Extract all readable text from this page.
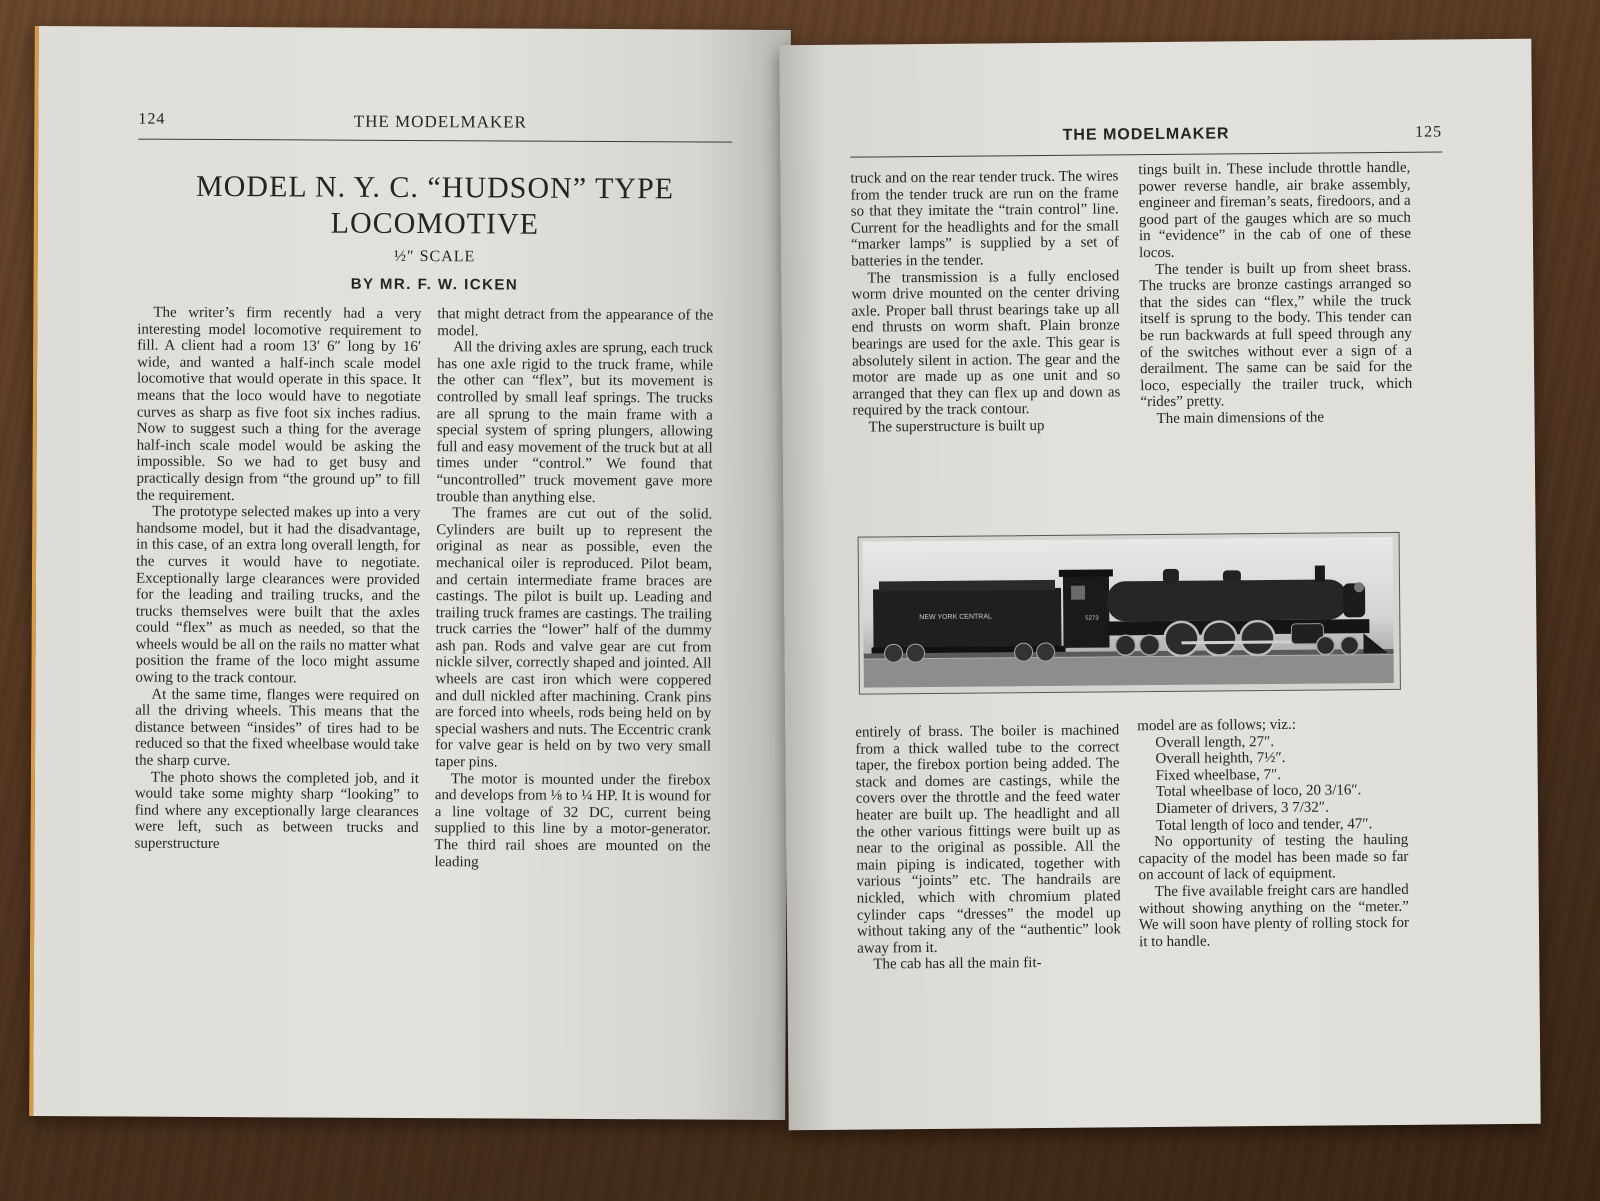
124	THE MODELMAKER
MODEL N. Y. C. “HUDSON” TYPE
LOCOMOTIVE
½″ SCALE
BY MR. F. W. ICKEN

The writer’s firm recently had a very interesting model locomotive requirement to fill. A client had a room 13′ 6″ long by 16′ wide, and wanted a half-inch scale model locomotive that would operate in this space. It means that the loco would have to negotiate curves as sharp as five foot six inches radius. Now to suggest such a thing for the average half-inch scale model would be asking the impossible. So we had to get busy and practically design from “the ground up” to fill the requirement.

The prototype selected makes up into a very handsome model, but it had the disadvantage, in this case, of an extra long overall length, for the curves it would have to negotiate. Exceptionally large clearances were provided for the leading and trailing trucks, and the trucks themselves were built that the axles could “flex” as much as needed, so that the wheels would be all on the rails no matter what position the frame of the loco might assume owing to the track contour.

At the same time, flanges were required on all the driving wheels. This means that the distance between “insides” of tires had to be reduced so that the fixed wheelbase would take the sharp curve.

The photo shows the completed job, and it would take some mighty sharp “looking” to find where any exceptionally large clearances were left, such as between trucks and superstructure

that might detract from the appearance of the model.

All the driving axles are sprung, each truck has one axle rigid to the truck frame, while the other can “flex”, but its movement is controlled by small leaf springs. The trucks are all sprung to the main frame with a special system of spring plungers, allowing full and easy movement of the truck but at all times under “control.” We found that “uncontrolled” truck movement gave more trouble than anything else.

The frames are cut out of the solid. Cylinders are built up to represent the original as near as possible, even the mechanical oiler is reproduced. Pilot beam, and certain intermediate frame braces are castings. The pilot is built up. Leading and trailing truck frames are castings. The trailing truck carries the “lower” half of the dummy ash pan. Rods and valve gear are cut from nickle silver, correctly shaped and jointed. All wheels are cast iron which were coppered and dull nickled after machining. Crank pins are forced into wheels, rods being held on by special washers and nuts. The Eccentric crank for valve gear is held on by two very small taper pins.

The motor is mounted under the firebox and develops from ⅛ to ¼ HP. It is wound for a line voltage of 32 DC, current being supplied to this line by a motor-generator. The third rail shoes are mounted on the leading

THE MODELMAKER	125

truck and on the rear tender truck. The wires from the tender truck are run on the frame so that they imitate the “train control” line. Current for the headlights and for the small “marker lamps” is supplied by a set of batteries in the tender.

The transmission is a fully enclosed worm drive mounted on the center driving axle. Proper ball thrust bearings take up all end thrusts on worm shaft. Plain bronze bearings are used for the axle. This gear is absolutely silent in action. The gear and the motor are made up as one unit and so arranged that they can flex up and down as required by the track contour.

The superstructure is built up

tings built in. These include throttle handle, power reverse handle, air brake assembly, engineer and fireman’s seats, firedoors, and a good part of the gauges which are so much in “evidence” in the cab of one of these locos.

The tender is built up from sheet brass. The trucks are bronze castings arranged so that the sides can “flex,” while the truck itself is sprung to the body. This tender can be run backwards at full speed through any of the switches without ever a sign of a derailment. The same can be said for the loco, especially the trailer truck, which “rides” pretty.

The main dimensions of the

NEW YORK CENTRAL	5273

entirely of brass. The boiler is machined from a thick walled tube to the correct taper, the firebox portion being added. The stack and domes are castings, while the covers over the throttle and the feed water heater are built up. The headlight and all the other various fittings were built up as near to the original as possible. All the main piping is indicated, together with various “joints” etc. The handrails are nickled, which with chromium plated cylinder caps “dresses” the model up without taking any of the “authentic” look away from it.

The cab has all the main fit-

model are as follows; viz.:

Overall length, 27″.

Overall heighth, 7½″.

Fixed wheelbase, 7″.

Total wheelbase of loco, 20 3/16″.

Diameter of drivers, 3 7/32″.

Total length of loco and tender, 47″.

No opportunity of testing the hauling capacity of the model has been made so far on account of lack of equipment.

The five available freight cars are handled without showing anything on the “meter.” We will soon have plenty of rolling stock for it to handle.
